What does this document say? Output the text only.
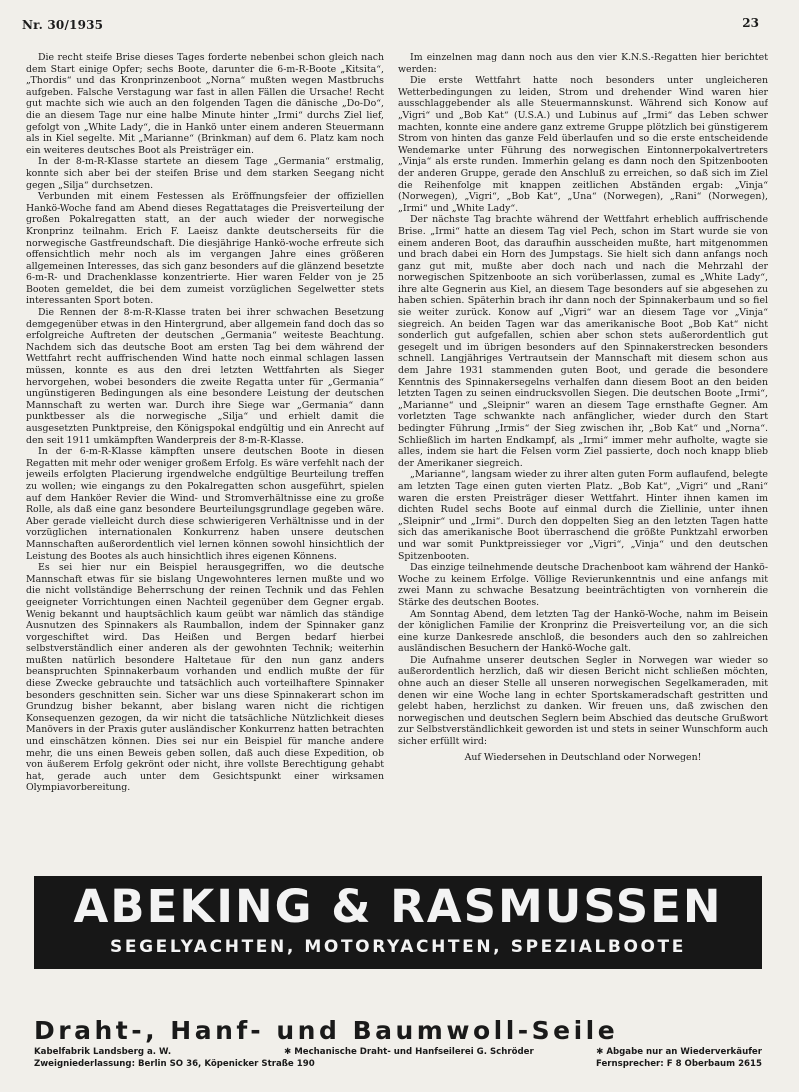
Nr. 30/1935	23

Die recht steife Brise dieses Tages forderte nebenbei schon gleich nach dem Start einige Opfer; sechs Boote, darunter die 6-m-R-Boote „Kitsita“, „Thordis“ und das Kronprinzenboot „Norna“ mußten wegen Mastbruchs aufgeben. Falsche Verstagung war fast in allen Fällen die Ursache! Recht gut machte sich wie auch an den folgenden Tagen die dänische „Do-Do“, die an diesem Tage nur eine halbe Minute hinter „Irmi“ durchs Ziel lief, gefolgt von „White Lady“, die in Hankö unter einem anderen Steuermann als in Kiel segelte. Mit „Marianne“ (Brinkman) auf dem 6. Platz kam noch ein weiteres deutsches Boot als Preisträger ein.

In der 8-m-R-Klasse startete an diesem Tage „Germania“ erstmalig, konnte sich aber bei der steifen Brise und dem starken Seegang nicht gegen „Silja“ durchsetzen.

Verbunden mit einem Festessen als Eröffnungsfeier der offiziellen Hankö-Woche fand am Abend dieses Regattatages die Preisverteilung der großen Pokalregatten statt, an der auch wieder der norwegische Kronprinz teilnahm. Erich F. Laeisz dankte deutscherseits für die norwegische Gastfreundschaft. Die diesjährige Hankö-woche erfreute sich offensichtlich mehr noch als im vergangen Jahre eines größeren allgemeinen Interesses, das sich ganz besonders auf die glänzend besetzte 6-m-R- und Drachenklasse konzentrierte. Hier waren Felder von je 25 Booten gemeldet, die bei dem zumeist vorzüglichen Segelwetter stets interessanten Sport boten.

Die Rennen der 8-m-R-Klasse traten bei ihrer schwachen Besetzung demgegenüber etwas in den Hintergrund, aber allgemein fand doch das so erfolgreiche Auftreten der deutschen „Germania“ weiteste Beachtung. Nachdem sich das deutsche Boot am ersten Tag bei dem während der Wettfahrt recht auffrischenden Wind hatte noch einmal schlagen lassen müssen, konnte es aus den drei letzten Wettfahrten als Sieger hervorgehen, wobei besonders die zweite Regatta unter für „Germania“ ungünstigeren Bedingungen als eine besondere Leistung der deutschen Mannschaft zu werten war. Durch ihre Siege war „Germania“ dann punktbesser als die norwegische „Silja“ und erhielt damit die ausgesetzten Punktpreise, den Königspokal endgültig und ein Anrecht auf den seit 1911 umkämpften Wanderpreis der 8-m-R-Klasse.

In der 6-m-R-Klasse kämpften unsere deutschen Boote in diesen Regatten mit mehr oder weniger großem Erfolg. Es wäre verfehlt nach der jeweils erfolgten Placierung irgendwelche endgültige Beurteilung treffen zu wollen; wie eingangs zu den Pokalregatten schon ausgeführt, spielen auf dem Hanköer Revier die Wind- und Stromverhältnisse eine zu große Rolle, als daß eine ganz besondere Beurteilungsgrundlage gegeben wäre. Aber gerade vielleicht durch diese schwierigeren Verhältnisse und in der vorzüglichen internationalen Konkurrenz haben unsere deutschen Mannschaften außerordentlich viel lernen können sowohl hinsichtlich der Leistung des Bootes als auch hinsichtlich ihres eigenen Könnens.

Es sei hier nur ein Beispiel herausgegriffen, wo die deutsche Mannschaft etwas für sie bislang Ungewohnteres lernen mußte und wo die nicht vollständige Beherrschung der reinen Technik und das Fehlen geeigneter Vorrichtungen einen Nachteil gegenüber dem Gegner ergab. Wenig bekannt und hauptsächlich kaum geübt war nämlich das ständige Ausnutzen des Spinnakers als Raumballon, indem der Spinnaker ganz vorgeschiftet wird. Das Heißen und Bergen bedarf hierbei selbstverständlich einer anderen als der gewohnten Technik; weiterhin mußten natürlich besondere Haltetaue für den nun ganz anders beanspruchten Spinnakerbaum vorhanden und endlich mußte der für diese Zwecke gebrauchte und tatsächlich auch vorteilhaftere Spinnaker besonders geschnitten sein. Sicher war uns diese Spinnakerart schon im Grundzug bisher bekannt, aber bislang waren nicht die richtigen Konsequenzen gezogen, da wir nicht die tatsächliche Nützlichkeit dieses Manövers in der Praxis guter ausländischer Konkurrenz hatten betrachten und einschätzen können. Dies sei nur ein Beispiel für manche andere mehr, die uns einen Beweis geben sollen, daß auch diese Expedition, ob von äußerem Erfolg gekrönt oder nicht, ihre vollste Berechtigung gehabt hat, gerade auch unter dem Gesichtspunkt einer wirksamen Olympiavorbereitung.

Im einzelnen mag dann noch aus den vier K.N.S.-Regatten hier berichtet werden:

Die erste Wettfahrt hatte noch besonders unter ungleicheren Wetterbedingungen zu leiden, Strom und drehender Wind waren hier ausschlaggebender als alle Steuermannskunst. Während sich Konow auf „Vigri“ und „Bob Kat“ (U.S.A.) und Lubinus auf „Irmi“ das Leben schwer machten, konnte eine andere ganz extreme Gruppe plötzlich bei günstigerem Strom von hinten das ganze Feld überlaufen und so die erste entscheidende Wendemarke unter Führung des norwegischen Eintonnerpokalvertreters „Vinja“ als erste runden. Immerhin gelang es dann noch den Spitzenbooten der anderen Gruppe, gerade den Anschluß zu erreichen, so daß sich im Ziel die Reihenfolge mit knappen zeitlichen Abständen ergab: „Vinja“ (Norwegen), „Vigri“, „Bob Kat“, „Una“ (Norwegen), „Rani“ (Norwegen), „Irmi“ und „White Lady“.

Der nächste Tag brachte während der Wettfahrt erheblich auffrischende Brise. „Irmi“ hatte an diesem Tag viel Pech, schon im Start wurde sie von einem anderen Boot, das daraufhin ausscheiden mußte, hart mitgenommen und brach dabei ein Horn des Jumpstags. Sie hielt sich dann anfangs noch ganz gut mit, mußte aber doch nach und nach die Mehrzahl der norwegischen Spitzenboote an sich vorüberlassen, zumal es „White Lady“, ihre alte Gegnerin aus Kiel, an diesem Tage besonders auf sie abgesehen zu haben schien. Späterhin brach ihr dann noch der Spinnakerbaum und so fiel sie weiter zurück. Konow auf „Vigri“ war an diesem Tage vor „Vinja“ siegreich. An beiden Tagen war das amerikanische Boot „Bob Kat“ nicht sonderlich gut aufgefallen, schien aber schon stets außerordentlich gut gesegelt und im übrigen besonders auf den Spinnakerstrecken besonders schnell. Langjähriges Vertrautsein der Mannschaft mit diesem schon aus dem Jahre 1931 stammenden guten Boot, und gerade die besondere Kenntnis des Spinnakersegelns verhalfen dann diesem Boot an den beiden letzten Tagen zu seinen eindrucksvollen Siegen. Die deutschen Boote „Irmi“, „Marianne“ und „Sleipnir“ waren an diesem Tage ernsthafte Gegner. Am vorletzten Tage schwankte nach anfänglicher, wieder durch den Start bedingter Führung „Irmis“ der Sieg zwischen ihr, „Bob Kat“ und „Norna“. Schließlich im harten Endkampf, als „Irmi“ immer mehr aufholte, wagte sie alles, indem sie hart die Felsen vorm Ziel passierte, doch noch knapp blieb der Amerikaner siegreich.

„Marianne“, langsam wieder zu ihrer alten guten Form auflaufend, belegte am letzten Tage einen guten vierten Platz. „Bob Kat“, „Vigri“ und „Rani“ waren die ersten Preisträger dieser Wettfahrt. Hinter ihnen kamen im dichten Rudel sechs Boote auf einmal durch die Ziellinie, unter ihnen „Sleipnir“ und „Irmi“. Durch den doppelten Sieg an den letzten Tagen hatte sich das amerikanische Boot überraschend die größte Punktzahl erworben und war somit Punktpreissieger vor „Vigri“, „Vinja“ und den deutschen Spitzenbooten.

Das einzige teilnehmende deutsche Drachenboot kam während der Hankö-Woche zu keinem Erfolge. Völlige Revierunkenntnis und eine anfangs mit zwei Mann zu schwache Besatzung beeinträchtigten von vornherein die Stärke des deutschen Bootes.

Am Sonntag Abend, dem letzten Tag der Hankö-Woche, nahm im Beisein der königlichen Familie der Kronprinz die Preisverteilung vor, an die sich eine kurze Dankesrede anschloß, die besonders auch den so zahlreichen ausländischen Besuchern der Hankö-Woche galt.

Die Aufnahme unserer deutschen Segler in Norwegen war wieder so außerordentlich herzlich, daß wir diesen Bericht nicht schließen möchten, ohne auch an dieser Stelle all unseren norwegischen Segelkameraden, mit denen wir eine Woche lang in echter Sportskameradschaft gestritten und gelebt haben, herzlichst zu danken. Wir freuen uns, daß zwischen den norwegischen und deutschen Seglern beim Abschied das deutsche Grußwort zur Selbstverständlichkeit geworden ist und stets in seiner Wunschform auch sicher erfüllt wird:

Auf Wiedersehen in Deutschland oder Norwegen!

ABEKING & RASMUSSEN
SEGELYACHTEN, MOTORYACHTEN, SPEZIALBOOTE
Draht-, Hanf- und Baumwoll-Seile
Kabelfabrik Landsberg a. W.	✱ Mechanische Draht- und Hanfseilerei G. Schröder	✱ Abgabe nur an Wiederverkäufer
Zweigniederlassung: Berlin SO 36, Köpenicker Straße 190	Fernsprecher: F 8 Oberbaum 2615
